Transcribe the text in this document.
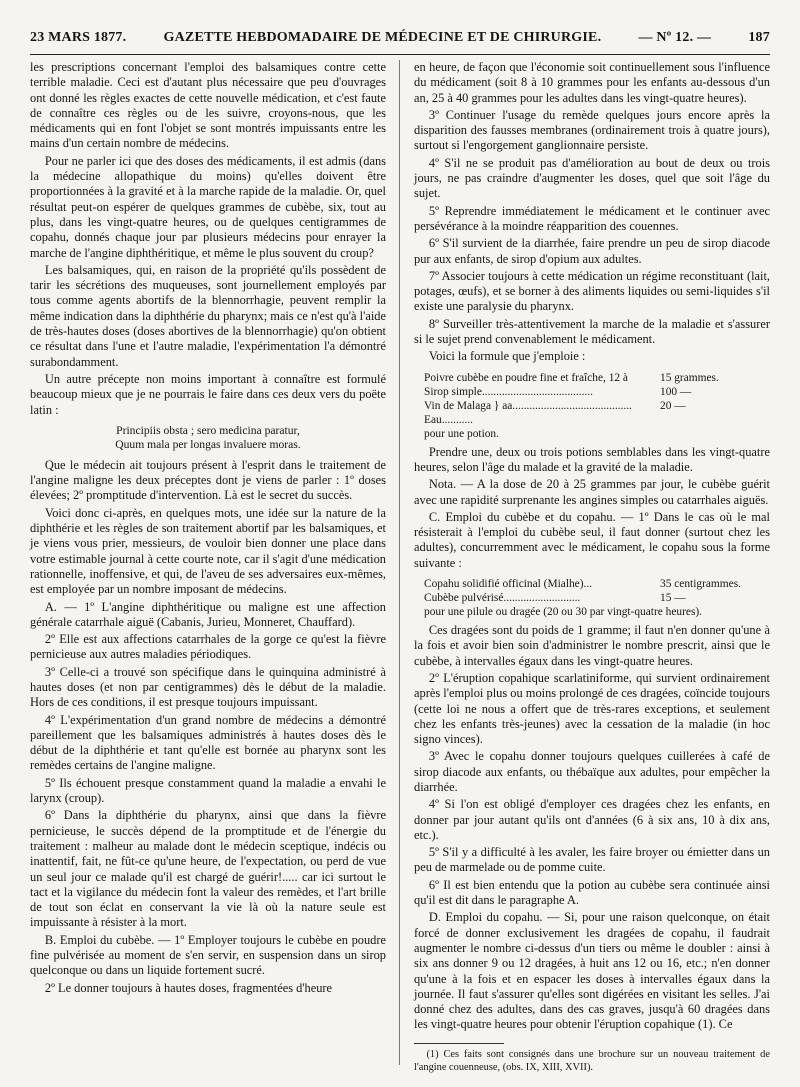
23 MARS 1877.	GAZETTE HEBDOMADAIRE DE MÉDECINE ET DE CHIRURGIE.	— Nº 12. —	187

les prescriptions concernant l'emploi des balsamiques contre cette terrible maladie. Ceci est d'autant plus nécessaire que peu d'ouvrages ont donné les règles exactes de cette nouvelle médication, et c'est faute de connaître ces règles ou de les suivre, croyons-nous, que les médicaments qui en font l'objet se sont montrés impuissants entre les mains d'un certain nombre de médecins.

Pour ne parler ici que des doses des médicaments, il est admis (dans la médecine allopathique du moins) qu'elles doivent être proportionnées à la gravité et à la marche rapide de la maladie. Or, quel résultat peut-on espérer de quelques grammes de cubèbe, six, tout au plus, dans les vingt-quatre heures, ou de quelques centigrammes de copahu, donnés chaque jour par plusieurs médecins pour enrayer la marche de l'angine diphthéritique, et même le plus souvent du croup?

Les balsamiques, qui, en raison de la propriété qu'ils possèdent de tarir les sécrétions des muqueuses, sont journellement employés par tous comme agents abortifs de la blennorrhagie, peuvent remplir la même indication dans la diphthérie du pharynx; mais ce n'est qu'à l'aide de très-hautes doses (doses abortives de la blennorrhagie) qu'on obtient ce résultat dans l'une et l'autre maladie, l'expérimentation l'a démontré surabondamment.

Un autre précepte non moins important à connaître est formulé beaucoup mieux que je ne pourrais le faire dans ces deux vers du poëte latin :

Principiis obsta ; sero medicina paratur,
Quum mala per longas invaluere moras.

Que le médecin ait toujours présent à l'esprit dans le traitement de l'angine maligne les deux préceptes dont je viens de parler : 1º doses élevées; 2º promptitude d'intervention. Là est le secret du succès.

Voici donc ci-après, en quelques mots, une idée sur la nature de la diphthérie et les règles de son traitement abortif par les balsamiques, et je viens vous prier, messieurs, de vouloir bien donner une place dans votre estimable journal à cette courte note, car il s'agit d'une médication rationnelle, inoffensive, et qui, de l'aveu de ses adversaires eux-mêmes, est employée par un nombre imposant de médecins.

A. — 1º L'angine diphthéritique ou maligne est une affection générale catarrhale aiguë (Cabanis, Jurieu, Monneret, Chauffard).

2º Elle est aux affections catarrhales de la gorge ce qu'est la fièvre pernicieuse aux autres maladies périodiques.

3º Celle-ci a trouvé son spécifique dans le quinquina administré à hautes doses (et non par centigrammes) dès le début de la maladie. Hors de ces conditions, il est presque toujours impuissant.

4º L'expérimentation d'un grand nombre de médecins a démontré pareillement que les balsamiques administrés à hautes doses dès le début de la diphthérie et tant qu'elle est bornée au pharynx sont les remèdes certains de l'angine maligne.

5º Ils échouent presque constamment quand la maladie a envahi le larynx (croup).

6º Dans la diphthérie du pharynx, ainsi que dans la fièvre pernicieuse, le succès dépend de la promptitude et de l'énergie du traitement : malheur au malade dont le médecin sceptique, indécis ou inattentif, fait, ne fût-ce qu'une heure, de l'expectation, ou perd de vue un seul jour ce malade qu'il est chargé de guérir!..... car ici surtout le tact et la vigilance du médecin font la valeur des remèdes, et l'art brille de tout son éclat en conservant la vie là où la nature seule est impuissante à résister à la mort.

B. Emploi du cubèbe. — 1º Employer toujours le cubèbe en poudre fine pulvérisée au moment de s'en servir, en suspension dans un sirop quelconque ou dans un liquide fortement sucré.

2º Le donner toujours à hautes doses, fragmentées d'heure

en heure, de façon que l'économie soit continuellement sous l'influence du médicament (soit 8 à 10 grammes pour les enfants au-dessous d'un an, 25 à 40 grammes pour les adultes dans les vingt-quatre heures).

3º Continuer l'usage du remède quelques jours encore après la disparition des fausses membranes (ordinairement trois à quatre jours), surtout si l'engorgement ganglionnaire persiste.

4º S'il ne se produit pas d'amélioration au bout de deux ou trois jours, ne pas craindre d'augmenter les doses, quel que soit l'âge du sujet.

5º Reprendre immédiatement le médicament et le continuer avec persévérance à la moindre réapparition des couennes.

6º S'il survient de la diarrhée, faire prendre un peu de sirop diacode pur aux enfants, de sirop d'opium aux adultes.

7º Associer toujours à cette médication un régime reconstituant (lait, potages, œufs), et se borner à des aliments liquides ou semi-liquides s'il existe une paralysie du pharynx.

8º Surveiller très-attentivement la marche de la maladie et s'assurer si le sujet prend convenablement le médicament.

Voici la formule que j'emploie :

Poivre cubèbe en poudre fine et fraîche, 12 à	15 grammes.
Sirop simple.......................................	100 —
Vin de Malaga } aa.......................................... 20 —
Eau...........
pour une potion.

Prendre une, deux ou trois potions semblables dans les vingt-quatre heures, selon l'âge du malade et la gravité de la maladie.

Nota. — A la dose de 20 à 25 grammes par jour, le cubèbe guérit avec une rapidité surprenante les angines simples ou catarrhales aiguës.

C. Emploi du cubèbe et du copahu. — 1º Dans le cas où le mal résisterait à l'emploi du cubèbe seul, il faut donner (surtout chez les adultes), concurremment avec le médicament, le copahu sous la forme suivante :

Copahu solidifié officinal (Mialhe)...	35 centigrammes.
Cubèbe pulvérisé...........................	15 —
pour une pilule ou dragée (20 ou 30 par vingt-quatre heures).

Ces dragées sont du poids de 1 gramme; il faut n'en donner qu'une à la fois et avoir bien soin d'administrer le nombre prescrit, ainsi que le cubèbe, à intervalles égaux dans les vingt-quatre heures.

2º L'éruption copahique scarlatiniforme, qui survient ordinairement après l'emploi plus ou moins prolongé de ces dragées, coïncide toujours (cette loi ne nous a offert que de très-rares exceptions, et seulement chez les enfants très-jeunes) avec la cessation de la maladie (in hoc signo vinces).

3º Avec le copahu donner toujours quelques cuillerées à café de sirop diacode aux enfants, ou thébaïque aux adultes, pour empêcher la diarrhée.

4º Si l'on est obligé d'employer ces dragées chez les enfants, en donner par jour autant qu'ils ont d'années (6 à six ans, 10 à dix ans, etc.).

5º S'il y a difficulté à les avaler, les faire broyer ou émietter dans un peu de marmelade ou de pomme cuite.

6º Il est bien entendu que la potion au cubèbe sera continuée ainsi qu'il est dit dans le paragraphe A.

D. Emploi du copahu. — Si, pour une raison quelconque, on était forcé de donner exclusivement les dragées de copahu, il faudrait augmenter le nombre ci-dessus d'un tiers ou même le doubler : ainsi à six ans donner 9 ou 12 dragées, à huit ans 12 ou 16, etc.; n'en donner qu'une à la fois et en espacer les doses à intervalles égaux dans la journée. Il faut s'assurer qu'elles sont digérées en visitant les selles. J'ai donné chez des adultes, dans des cas graves, jusqu'à 60 dragées dans les vingt-quatre heures pour obtenir l'éruption copahique (1). Ce

(1) Ces faits sont consignés dans une brochure sur un nouveau traitement de l'angine couenneuse, (obs. IX, XIII, XVII).
